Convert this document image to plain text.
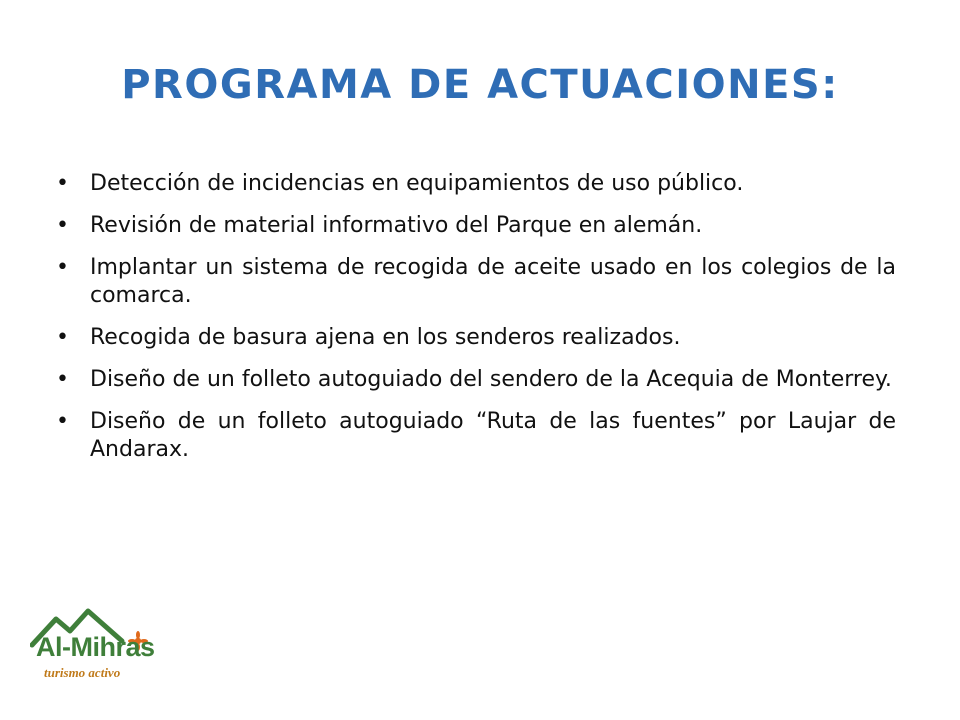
PROGRAMA DE ACTUACIONES:
• Detección de incidencias en equipamientos de uso público.
• Revisión de material informativo del Parque en alemán.
• Implantar un sistema de recogida de aceite usado en los colegios de la comarca.
• Recogida de basura ajena en los senderos realizados.
• Diseño de un folleto autoguiado del sendero de la Acequia de Monterrey.
• Diseño de un folleto autoguiado “Ruta de las fuentes” por Laujar de Andarax.
Al-Mihras
turismo activo
